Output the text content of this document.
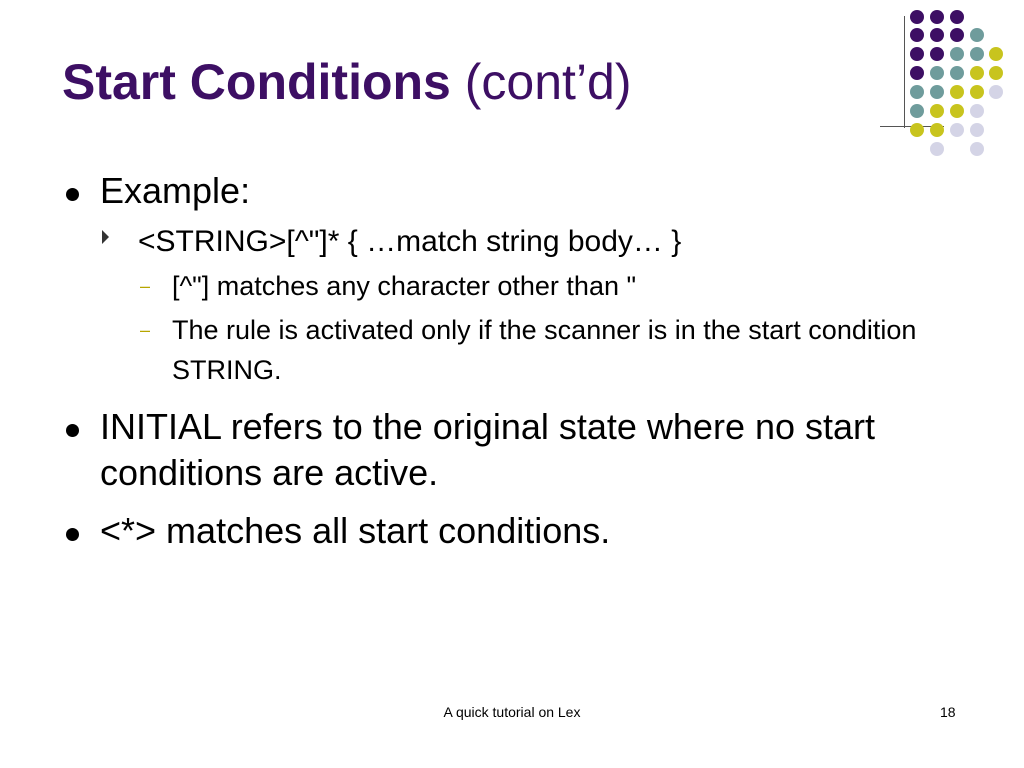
Start Conditions (cont’d)
Example:
<STRING>[^"]* { …match string body… }
– [^"] matches any character other than "
– The rule is activated only if the scanner is in the start condition STRING.
INITIAL refers to the original state where no start conditions are active.
<*> matches all start conditions.
A quick tutorial on Lex	18
